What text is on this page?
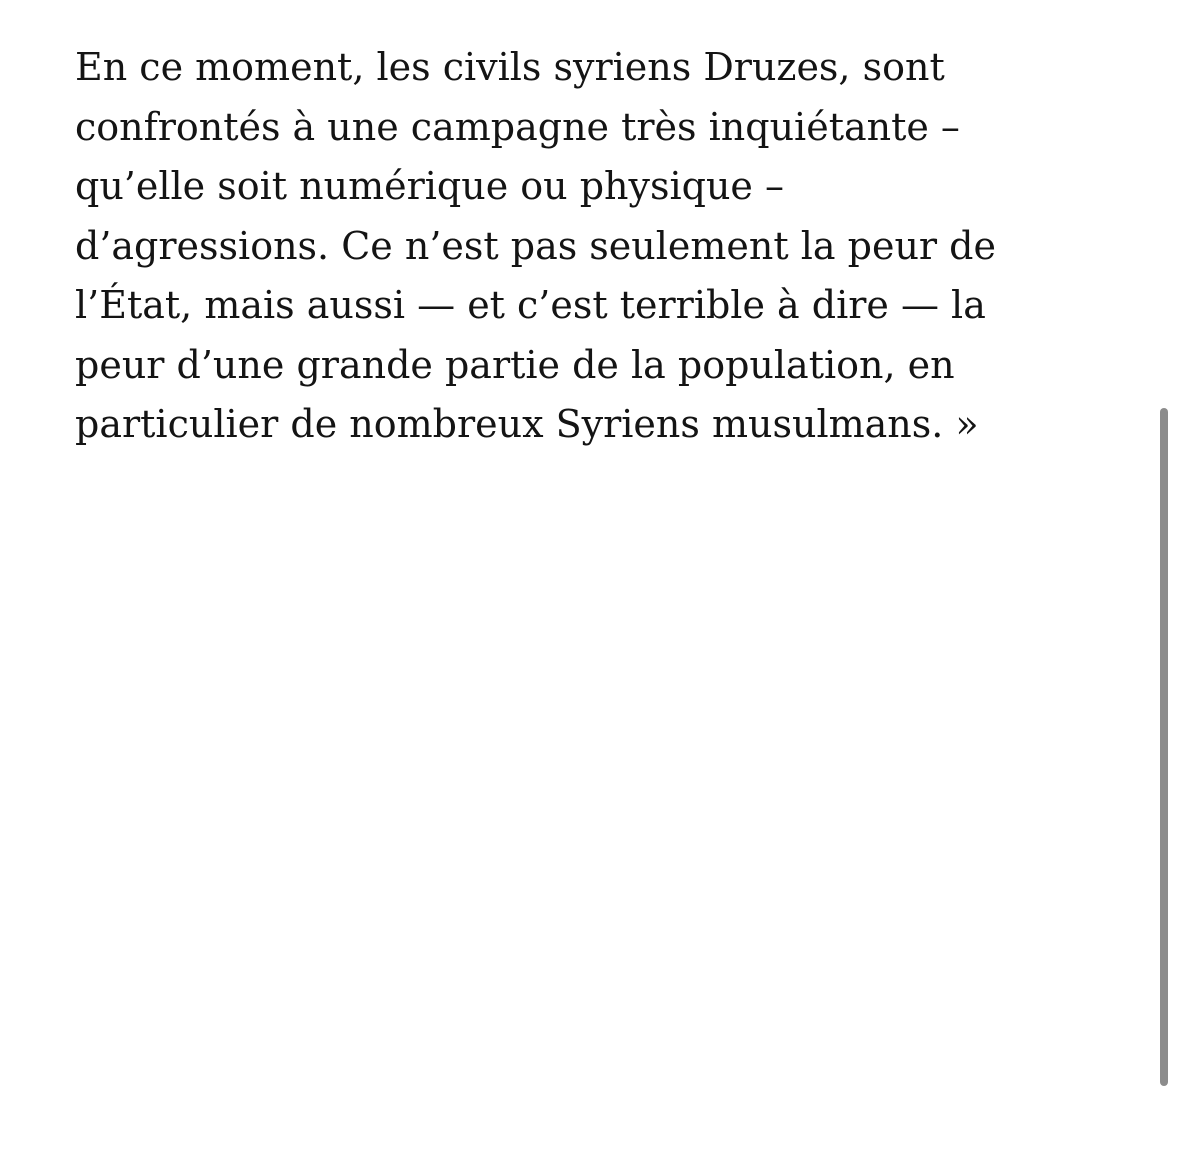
En ce moment, les civils syriens Druzes, sont
confrontés à une campagne très inquiétante –
qu’elle soit numérique ou physique –
d’agressions. Ce n’est pas seulement la peur de
l’État, mais aussi — et c’est terrible à dire — la
peur d’une grande partie de la population, en
particulier de nombreux Syriens musulmans. »
